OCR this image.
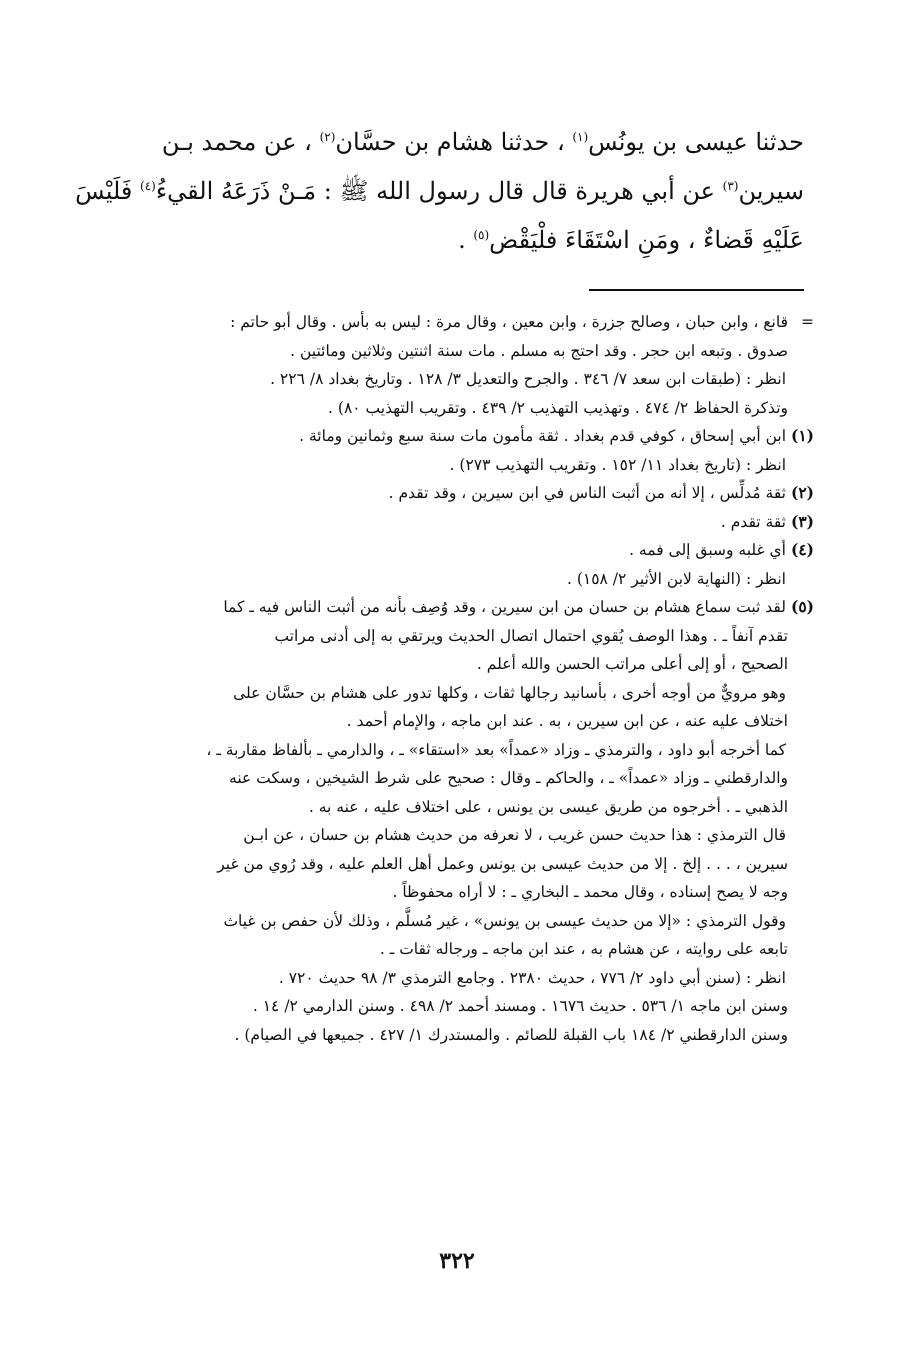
حدثنا عيسى بن يونُس$^{(١)}$ ، حدثنا هشام بن حسَّان$^{(٢)}$ ، عن محمد بـن
سيرين$^{(٣)}$ عن أبي هريرة قال قال رسول الله ﷺ : مَـنْ ذَرَعَهُ القيءُ$^{(٤)}$ فَلَيْسَ
عَلَيْهِ قَضاءٌ ، ومَنِ اسْتَقَاءَ فلْيَقْض$^{(٥)}$ .
=قانع ، وابن حبان ، وصالح جزرة ، وابن معين ، وقال مرة : ليس به بأس . وقال أبو حاتم :
صدوق . وتبعه ابن حجر . وقد احتج به مسلم . مات سنة اثنتين وثلاثين ومائتين .
انظر : (طبقات ابن سعد ٧/ ٣٤٦ . والجرح والتعديل ٣/ ١٢٨ . وتاريخ بغداد ٨/ ٢٢٦ .
وتذكرة الحفاظ ٢/ ٤٧٤ . وتهذيب التهذيب ٢/ ٤٣٩ . وتقريب التهذيب ٨٠) .
(١)ابن أبي إسحاق ، كوفي قدم بغداد . ثقة مأمون مات سنة سبع وثمانين ومائة .
انظر : (تاريخ بغداد ١١/ ١٥٢ . وتقريب التهذيب ٢٧٣) .
(٢)ثقة مُدلِّس ، إلا أنه من أثبت الناس في ابن سيرين ، وقد تقدم .
(٣)ثقة تقدم .
(٤)أي غلبه وسبق إلى فمه .
انظر : (النهاية لابن الأثير ٢/ ١٥٨) .
(٥)لقد ثبت سماع هشام بن حسان من ابن سيرين ، وقد وُصِف بأنه من أثبت الناس فيه ـ كما
تقدم آنفاً ـ . وهذا الوصف يُقوي احتمال اتصال الحديث ويرتقي به إلى أدنى مراتب
الصحيح ، أو إلى أعلى مراتب الحسن والله أعلم .
وهو مرويٌّ من أوجه أخرى ، بأسانيد رجالها ثقات ، وكلها تدور على هشام بن حسَّان على
اختلاف عليه عنه ، عن ابن سيرين ، به . عند ابن ماجه ، والإمام أحمد .
كما أخرجه أبو داود ، والترمذي ـ وزاد «عمداً» بعد «استقاء» ـ ، والدارمي ـ بألفاظ مقاربة ـ ،
والدارقطني ـ وزاد «عمداً» ـ ، والحاكم ـ وقال : صحيح على شرط الشيخين ، وسكت عنه
الذهبي ـ . أخرجوه من طريق عيسى بن يونس ، على اختلاف عليه ، عنه به .
قال الترمذي : هذا حديث حسن غريب ، لا نعرفه من حديث هشام بن حسان ، عن ابـن
سيرين ، . . . إلخ . إلا من حديث عيسى بن يونس وعمل أهل العلم عليه ، وقد رُوي من غير
وجه لا يصح إسناده ، وقال محمد ـ البخاري ـ : لا أراه محفوظاً .
وقول الترمذي : «إلا من حديث عيسى بن يونس» ، غير مُسلَّم ، وذلك لأن حفص بن غياث
تابعه على روايته ، عن هشام به ، عند ابن ماجه ـ ورجاله ثقات ـ .
انظر : (سنن أبي داود ٢/ ٧٧٦ ، حديث ٢٣٨٠ . وجامع الترمذي ٣/ ٩٨ حديث ٧٢٠ .
وسنن ابن ماجه ١/ ٥٣٦ . حديث ١٦٧٦ . ومسند أحمد ٢/ ٤٩٨ . وسنن الدارمي ٢/ ١٤ .
وسنن الدارقطني ٢/ ١٨٤ باب القبلة للصائم . والمستدرك ١/ ٤٢٧ . جميعها في الصيام) .
٣٢٢
